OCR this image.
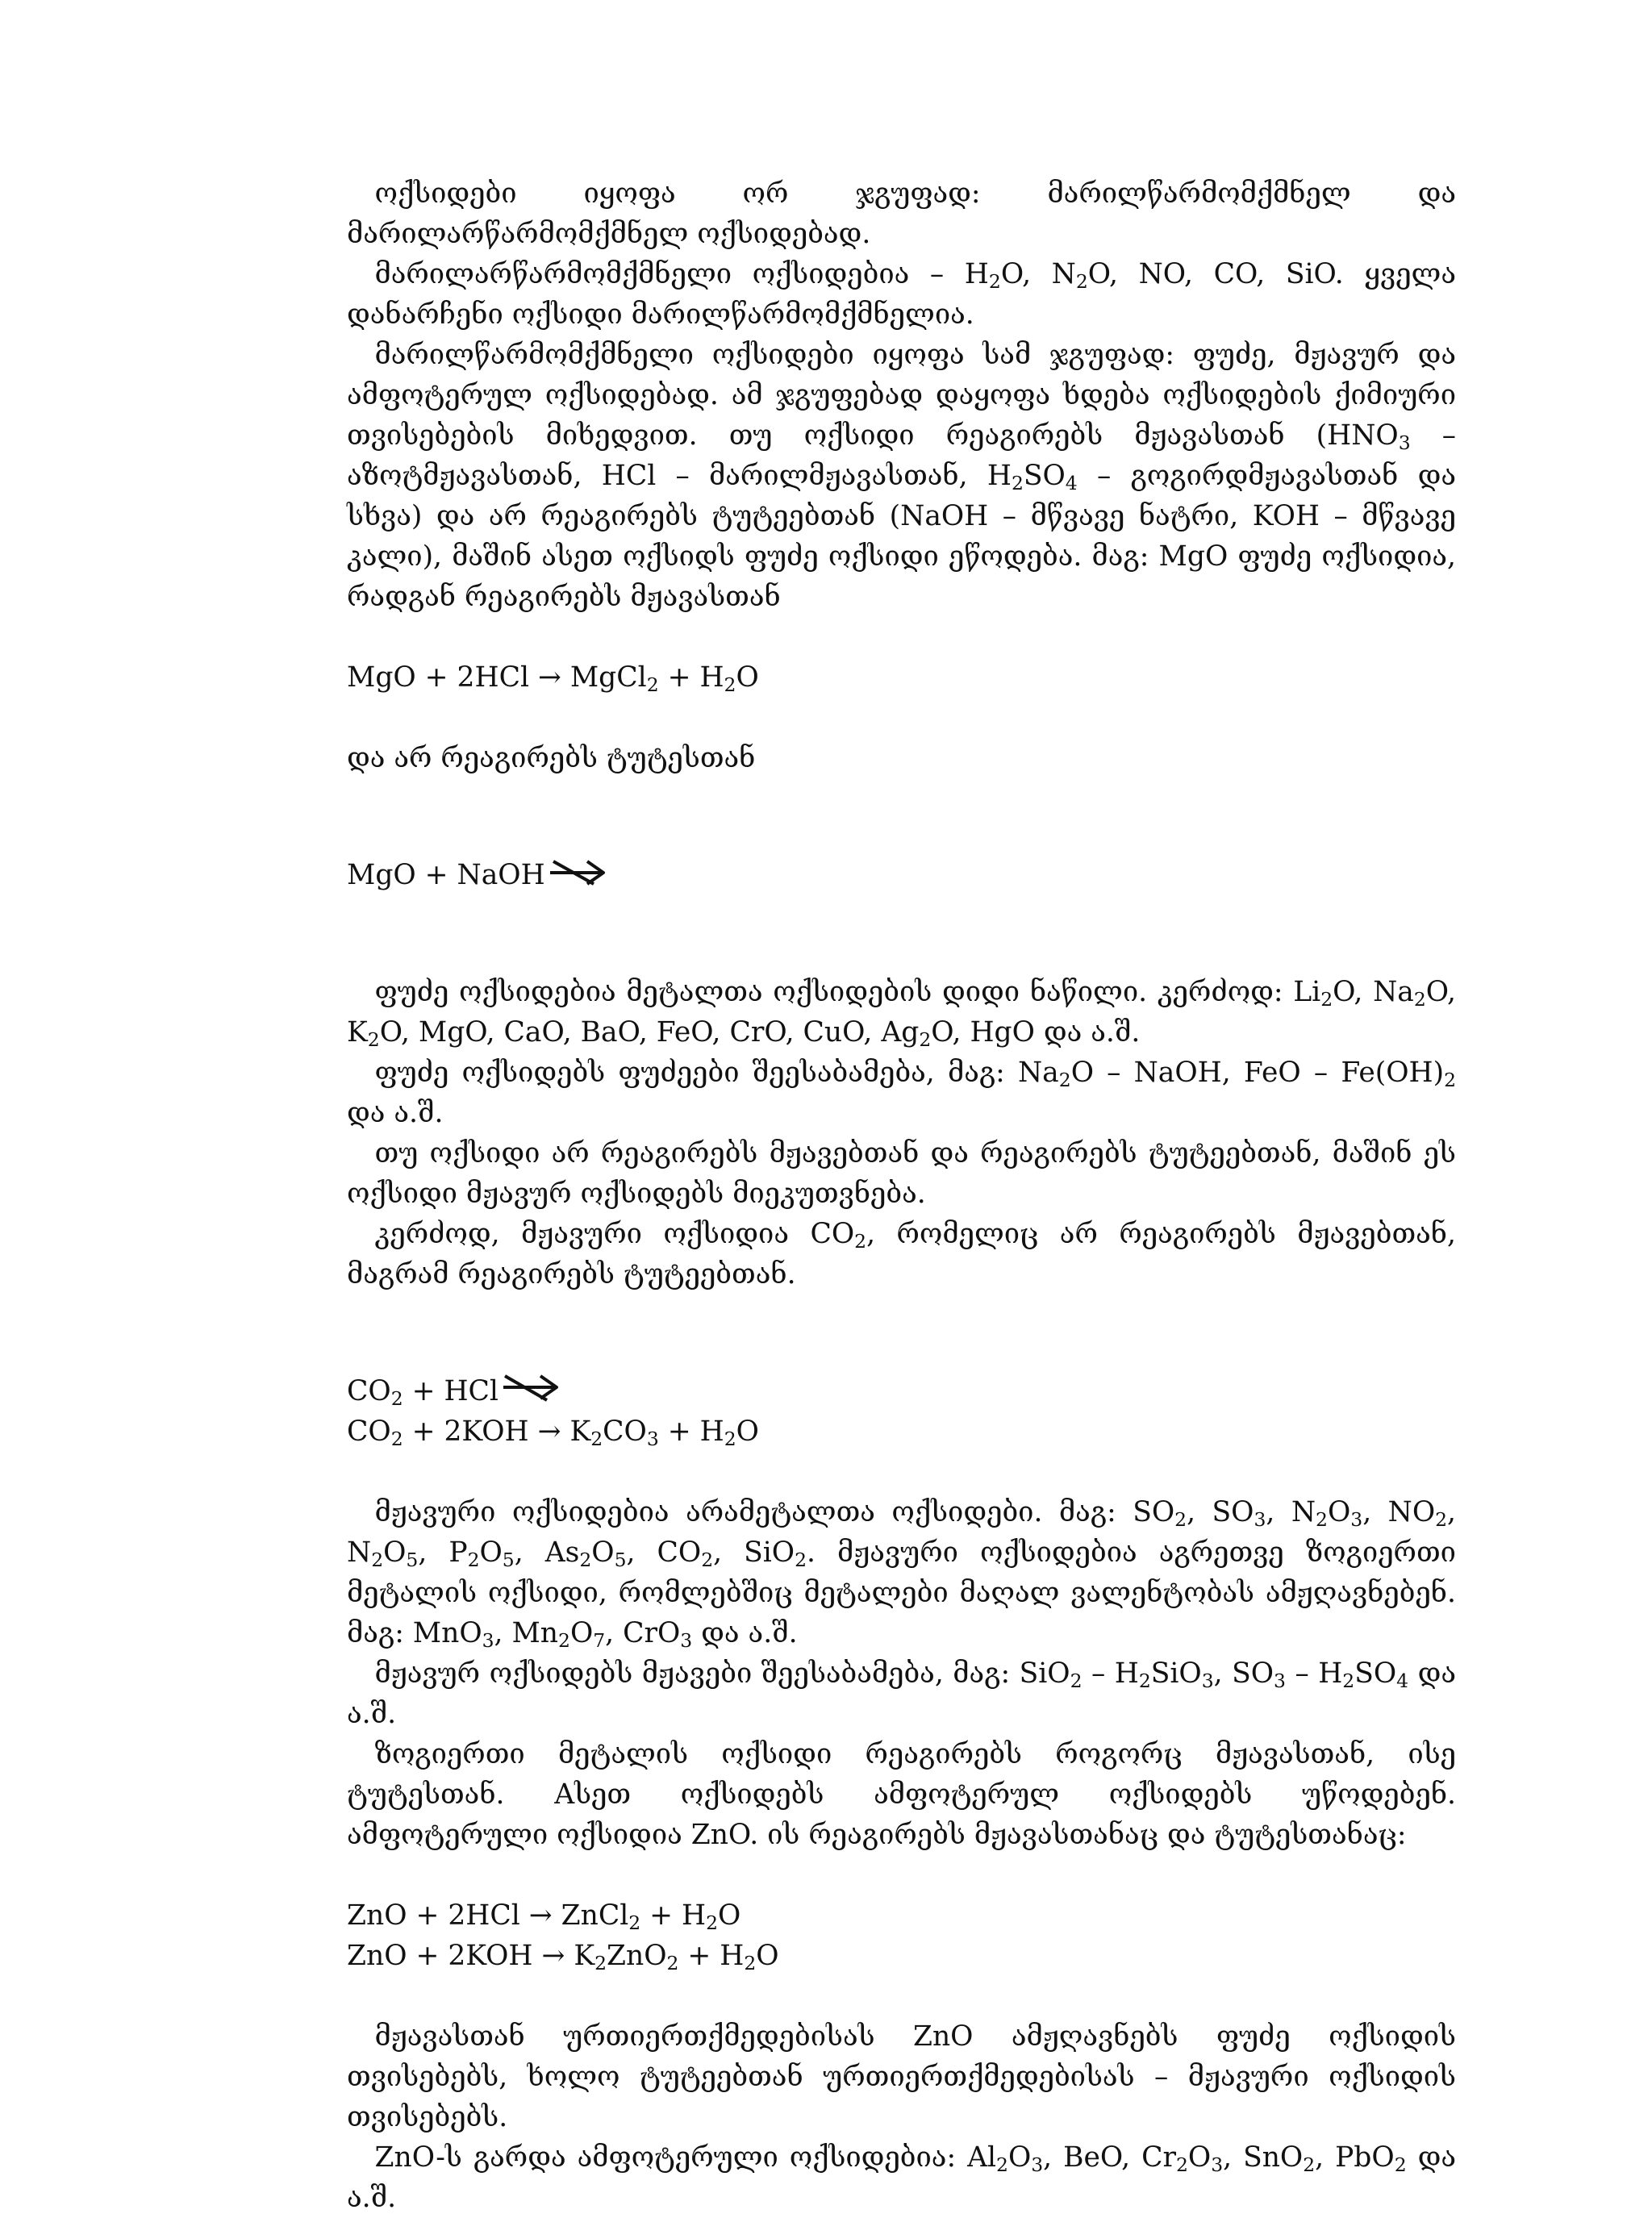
ოქსიდები იყოფა ორ ჯგუფად: მარილწარმომქმნელ და მარილარწარმომქმნელ ოქსიდებად.

მარილარწარმომქმნელი ოქსიდებია – $H_2O$, $N_2O$, NO, CO, SiO. ყველა დანარჩენი ოქსიდი მარილწარმომქმნელია.

მარილწარმომქმნელი ოქსიდები იყოფა სამ ჯგუფად: ფუძე, მჟავურ და ამფოტერულ ოქსიდებად. ამ ჯგუფებად დაყოფა ხდება ოქსიდების ქიმიური თვისებების მიხედვით. თუ ოქსიდი რეაგირებს მჟავასთან ($HNO_3$ – აზოტმჟავასთან, HCl – მარილმჟავასთან, $H_2SO_4$ – გოგირდმჟავასთან და სხვა) და არ რეაგირებს ტუტეებთან (NaOH – მწვავე ნატრი, KOH – მწვავე კალი), მაშინ ასეთ ოქსიდს ფუძე ოქსიდი ეწოდება. მაგ: MgO ფუძე ოქსიდია, რადგან რეაგირებს მჟავასთან

MgO + 2HCl → MgCl$_2$ + $H_2O$

და არ რეაგირებს ტუტესთან

MgO + NaOH

ფუძე ოქსიდებია მეტალთა ოქსიდების დიდი ნაწილი. კერძოდ: $Li_2O$, $Na_2O$, $K_2O$, MgO, CaO, BaO, FeO, CrO, CuO, $Ag_2O$, HgO და ა.შ.

ფუძე ოქსიდებს ფუძეები შეესაბამება, მაგ: $Na_2O$ – NaOH, FeO – $Fe(OH)_2$ და ა.შ.

თუ ოქსიდი არ რეაგირებს მჟავებთან და რეაგირებს ტუტეებთან, მაშინ ეს ოქსიდი მჟავურ ოქსიდებს მიეკუთვნება.

კერძოდ, მჟავური ოქსიდია $CO_2$, რომელიც არ რეაგირებს მჟავებთან, მაგრამ რეაგირებს ტუტეებთან.

$CO_2$ + HCl

$CO_2 + 2KOH \to K_2CO_3 + H_2O$

მჟავური ოქსიდებია არამეტალთა ოქსიდები. მაგ: $SO_2$, $SO_3$, $N_2O_3$, $NO_2$, $N_2O_5$, $P_2O_5$, $As_2O_5$, $CO_2$, SiO$_2$. მჟავური ოქსიდებია აგრეთვე ზოგიერთი მეტალის ოქსიდი, რომლებშიც მეტალები მაღალ ვალენტობას ამჟღავნებენ. მაგ: MnO$_3$, $Mn_2O_7$, CrO$_3$ და ა.შ.

მჟავურ ოქსიდებს მჟავები შეესაბამება, მაგ: $SiO_2 - H_2SiO_3$, $SO_3 - H_2SO_4$ და ა.შ.

ზოგიერთი მეტალის ოქსიდი რეაგირებს როგორც მჟავასთან, ისე ტუტესთან. Aსეთ ოქსიდებს ამფოტერულ ოქსიდებს უწოდებენ. ამფოტერული ოქსიდია ZnO. ის რეაგირებს მჟავასთანაც და ტუტესთანაც:

ZnO + 2HCl → ZnCl$_2$ + $H_2O$

ZnO + $2KOH \to K_2ZnO_2 + H_2O$

მჟავასთან ურთიერთქმედებისას ZnO ამჟღავნებს ფუძე ოქსიდის თვისებებს, ხოლო ტუტეებთან ურთიერთქმედებისას – მჟავური ოქსიდის თვისებებს.

ZnO-ს გარდა ამფოტერული ოქსიდებია: $Al_2O_3$, BeO, $Cr_2O_3$, SnO$_2$, PbO$_2$ და ა.შ.
